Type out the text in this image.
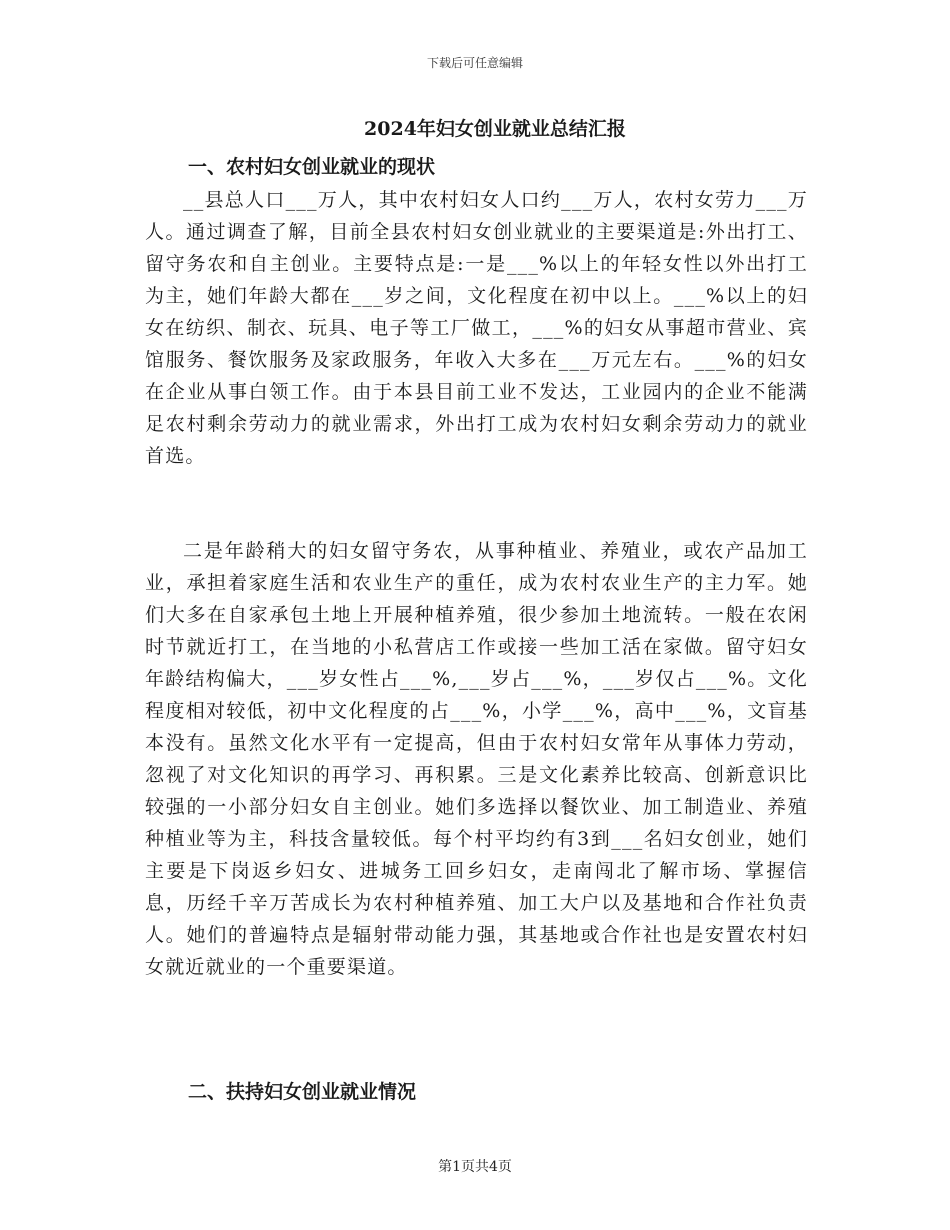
下载后可任意编辑
2024年妇女创业就业总结汇报
一、农村妇女创业就业的现状

__县总人口___万人，其中农村妇女人口约___万人，农村女劳力___万人。通过调查了解，目前全县农村妇女创业就业的主要渠道是:外出打工、留守务农和自主创业。主要特点是:一是___%以上的年轻女性以外出打工为主，她们年龄大都在___岁之间，文化程度在初中以上。___%以上的妇女在纺织、制衣、玩具、电子等工厂做工，___%的妇女从事超市营业、宾馆服务、餐饮服务及家政服务，年收入大多在___万元左右。___%的妇女在企业从事白领工作。由于本县目前工业不发达，工业园内的企业不能满足农村剩余劳动力的就业需求，外出打工成为农村妇女剩余劳动力的就业首选。

二是年龄稍大的妇女留守务农，从事种植业、养殖业，或农产品加工业，承担着家庭生活和农业生产的重任，成为农村农业生产的主力军。她们大多在自家承包土地上开展种植养殖，很少参加土地流转。一般在农闲时节就近打工，在当地的小私营店工作或接一些加工活在家做。留守妇女年龄结构偏大，___岁女性占___%,___岁占___%，___岁仅占___%。文化程度相对较低，初中文化程度的占___%，小学___%，高中___%，文盲基本没有。虽然文化水平有一定提高，但由于农村妇女常年从事体力劳动，忽视了对文化知识的再学习、再积累。三是文化素养比较高、创新意识比较强的一小部分妇女自主创业。她们多选择以餐饮业、加工制造业、养殖种植业等为主，科技含量较低。每个村平均约有3到___名妇女创业，她们主要是下岗返乡妇女、进城务工回乡妇女，走南闯北了解市场、掌握信息，历经千辛万苦成长为农村种植养殖、加工大户以及基地和合作社负责人。她们的普遍特点是辐射带动能力强，其基地或合作社也是安置农村妇女就近就业的一个重要渠道。

二、扶持妇女创业就业情况
第1页共4页
